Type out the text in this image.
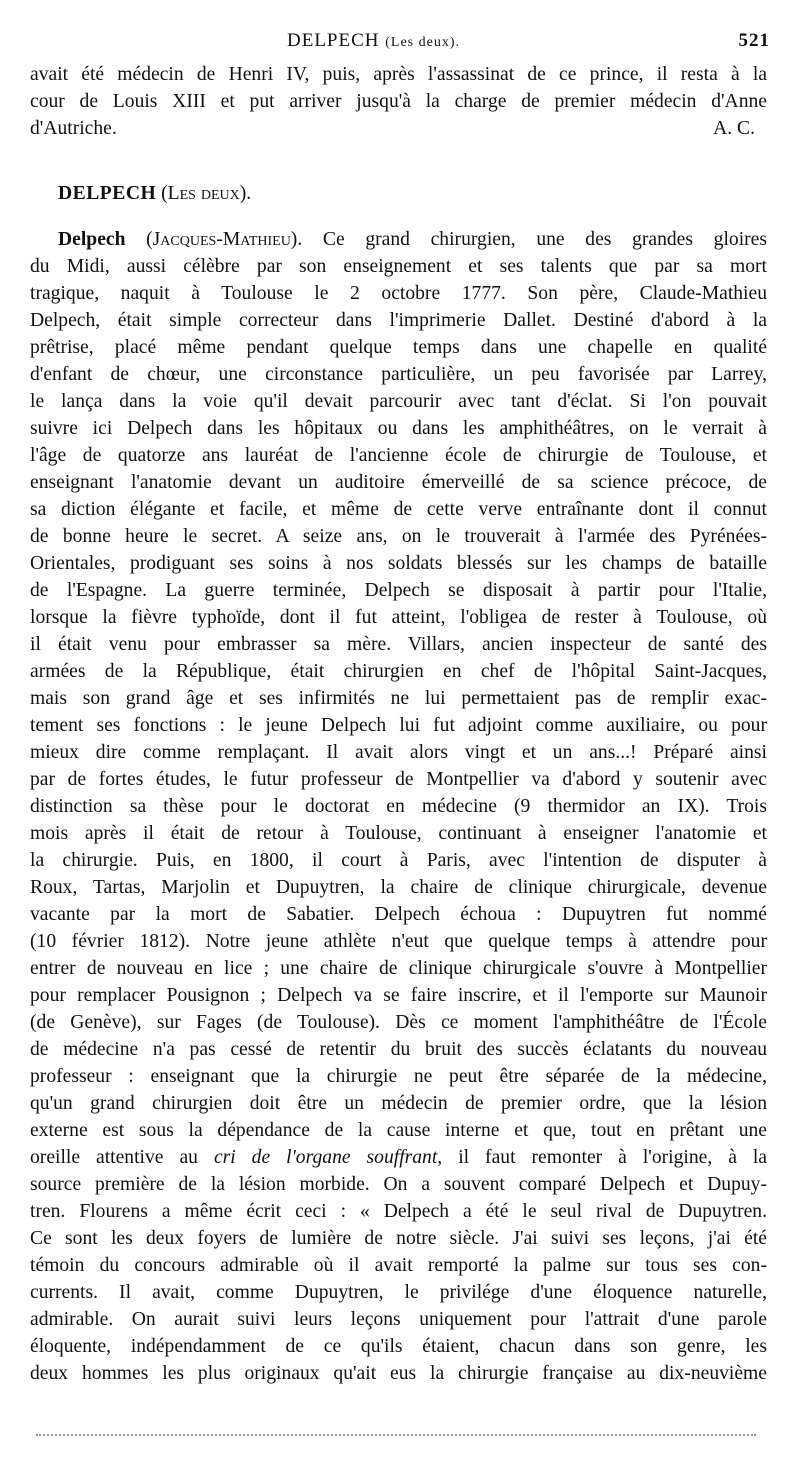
DELPECH (Les deux).	521
avait été médecin de Henri IV, puis, après l'assassinat de ce prince, il resta à la
cour de Louis XIII et put arriver jusqu'à la charge de premier médecin d'Anne
d'Autriche.	A. C.
DELPECH (Les deux).
Delpech (Jacques-Mathieu). Ce grand chirurgien, une des grandes gloires
du Midi, aussi célèbre par son enseignement et ses talents que par sa mort
tragique, naquit à Toulouse le 2 octobre 1777. Son père, Claude-Mathieu
Delpech, était simple correcteur dans l'imprimerie Dallet. Destiné d'abord à la
prêtrise, placé même pendant quelque temps dans une chapelle en qualité
d'enfant de chœur, une circonstance particulière, un peu favorisée par Larrey,
le lança dans la voie qu'il devait parcourir avec tant d'éclat. Si l'on pouvait
suivre ici Delpech dans les hôpitaux ou dans les amphithéâtres, on le verrait à
l'âge de quatorze ans lauréat de l'ancienne école de chirurgie de Toulouse, et
enseignant l'anatomie devant un auditoire émerveillé de sa science précoce, de
sa diction élégante et facile, et même de cette verve entraînante dont il connut
de bonne heure le secret. A seize ans, on le trouverait à l'armée des Pyrénées-
Orientales, prodiguant ses soins à nos soldats blessés sur les champs de bataille
de l'Espagne. La guerre terminée, Delpech se disposait à partir pour l'Italie,
lorsque la fièvre typhoïde, dont il fut atteint, l'obligea de rester à Toulouse, où
il était venu pour embrasser sa mère. Villars, ancien inspecteur de santé des
armées de la République, était chirurgien en chef de l'hôpital Saint-Jacques,
mais son grand âge et ses infirmités ne lui permettaient pas de remplir exac-
tement ses fonctions : le jeune Delpech lui fut adjoint comme auxiliaire, ou pour
mieux dire comme remplaçant. Il avait alors vingt et un ans...! Préparé ainsi
par de fortes études, le futur professeur de Montpellier va d'abord y soutenir avec
distinction sa thèse pour le doctorat en médecine (9 thermidor an IX). Trois
mois après il était de retour à Toulouse, continuant à enseigner l'anatomie et
la chirurgie. Puis, en 1800, il court à Paris, avec l'intention de disputer à
Roux, Tartas, Marjolin et Dupuytren, la chaire de clinique chirurgicale, devenue
vacante par la mort de Sabatier. Delpech échoua : Dupuytren fut nommé
(10 février 1812). Notre jeune athlète n'eut que quelque temps à attendre pour
entrer de nouveau en lice ; une chaire de clinique chirurgicale s'ouvre à Montpellier
pour remplacer Pousignon ; Delpech va se faire inscrire, et il l'emporte sur Maunoir
(de Genève), sur Fages (de Toulouse). Dès ce moment l'amphithéâtre de l'École
de médecine n'a pas cessé de retentir du bruit des succès éclatants du nouveau
professeur : enseignant que la chirurgie ne peut être séparée de la médecine,
qu'un grand chirurgien doit être un médecin de premier ordre, que la lésion
externe est sous la dépendance de la cause interne et que, tout en prêtant une
oreille attentive au cri de l'organe souffrant, il faut remonter à l'origine, à la
source première de la lésion morbide. On a souvent comparé Delpech et Dupuy-
tren. Flourens a même écrit ceci : « Delpech a été le seul rival de Dupuytren.
Ce sont les deux foyers de lumière de notre siècle. J'ai suivi ses leçons, j'ai été
témoin du concours admirable où il avait remporté la palme sur tous ses con-
currents. Il avait, comme Dupuytren, le privilége d'une éloquence naturelle,
admirable. On aurait suivi leurs leçons uniquement pour l'attrait d'une parole
éloquente, indépendamment de ce qu'ils étaient, chacun dans son genre, les
deux hommes les plus originaux qu'ait eus la chirurgie française au dix-neuvième
